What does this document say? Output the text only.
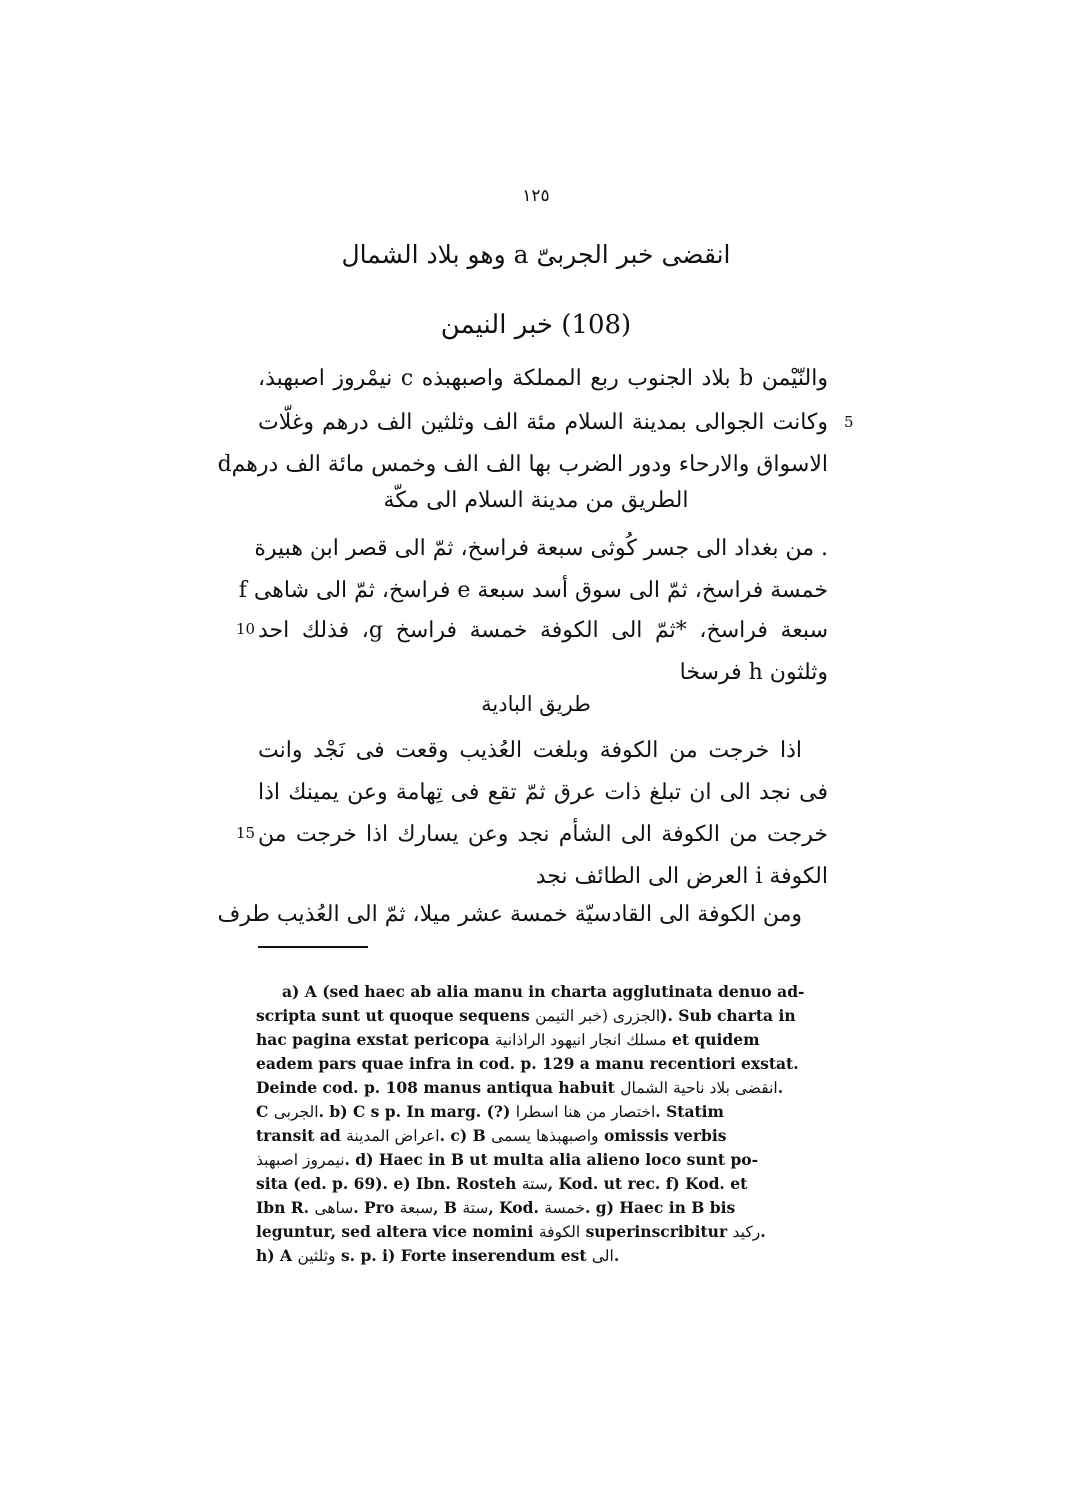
١٢٥
انقضى خبر الجربىّ a وهو بلاد الشمال
(108) خبر النيمن
والنّيْمن b بلاد الجنوب ربع المملكة واصبهبذه c نيمْروز اصبهبذ،
وكانت الجوالى بمدينة السلام مئة الف وثلثين الف درهم وغلّات 5
الاسواق والارحاء ودور الضرب بها الف الف وخمس مائة الف درهمd
الطريق من مدينة السلام الى مكّة
. من بغداد الى جسر كُوثى سبعة فراسخ، ثمّ الى قصر ابن هبيرة
خمسة فراسخ، ثمّ الى سوق أسد سبعة e فراسخ، ثمّ الى شاهى f
سبعة فراسخ، *ثمّ الى الكوفة خمسة فراسخ g، فذلك احد
10
وثلثون h فرسخا
طريق البادية
اذا خرجت من الكوفة وبلغت العُذيب وقعت فى نَجْد وانت
فى نجد الى ان تبلغ ذات عرق ثمّ تقع فى تِهامة وعن يمينك اذا
خرجت من الكوفة الى الشأم نجد وعن يسارك اذا خرجت من
15
الكوفة i العرض الى الطائف نجد
ومن الكوفة الى القادسيّة خمسة عشر ميلا، ثمّ الى العُذيب طرف

a) A (sed haec ab alia manu in charta agglutinata denuo ad-

scripta sunt ut quoque sequens الجزرى (خبر التيمن). Sub charta in
hac pagina exstat pericopa مسلك انجار انيهود الراذانية et quidem
eadem pars quae infra in cod. p. 129 a manu recentiori exstat.
Deinde cod. p. 108 manus antiqua habuit انقضى بلاد ناحية الشمال.
C الجربى. b) C s p. In marg. (?) اختصار من هنا اسطرا. Statim
transit ad اعراض المدينة. c) B واصبهبذها يسمى omissis verbis
نيمروز اصبهبذ. d) Haec in B ut multa alia alieno loco sunt po-
sita (ed. p. 69). e) Ibn. Rosteh ستة, Kod. ut rec. f) Kod. et
Ibn R. ساهى. Pro سبعة, B ستة, Kod. خمسة. g) Haec in B bis
leguntur, sed altera vice nomini الكوفة superinscribitur ركيد.
h) A وثلثين s. p. i) Forte inserendum est الى.
